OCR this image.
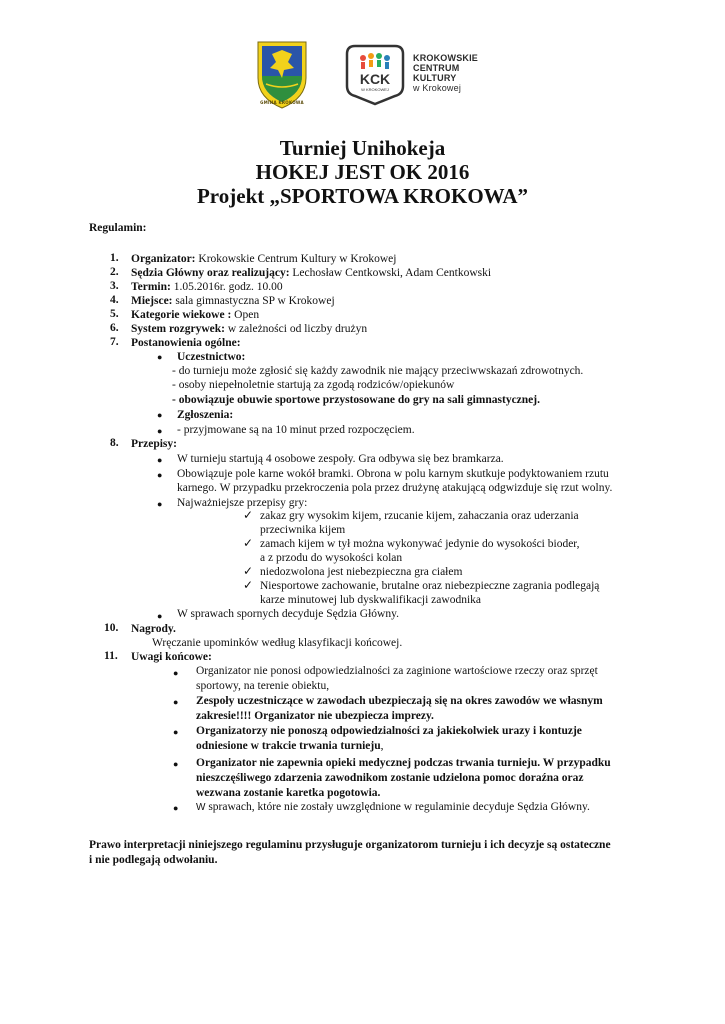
GMINA KROKOWA
KCK
W KROKOWEJ
KROKOWSKIE
CENTRUM
KULTURY
w Krokowej
Turniej Unihokeja
HOKEJ JEST OK 2016
Projekt „SPORTOWA KROKOWA”
Regulamin:
1. Organizator: Krokowskie Centrum Kultury w Krokowej
2. Sędzia Główny oraz realizujący: Lechosław Centkowski, Adam Centkowski
3. Termin: 1.05.2016r. godz. 10.00
4. Miejsce: sala gimnastyczna SP w Krokowej
5. Kategorie wiekowe : Open
6. System rozgrywek: w zależności od liczby drużyn
7. Postanowienia ogólne:
● Uczestnictwo:
- do turnieju może zgłosić się każdy zawodnik nie mający przeciwwskazań zdrowotnych.
- osoby niepełnoletnie startują za zgodą rodziców/opiekunów
- obowiązuje obuwie sportowe przystosowane do gry na sali gimnastycznej.
● Zgłoszenia:
● - przyjmowane są na 10 minut przed rozpoczęciem.
8. Przepisy:
● W turnieju startują 4 osobowe zespoły. Gra odbywa się bez bramkarza.
● Obowiązuje pole karne wokół bramki. Obrona w polu karnym skutkuje podyktowaniem rzutu
karnego. W przypadku przekroczenia pola przez drużynę atakującą odgwizduje się rzut wolny.
● Najważniejsze przepisy gry:
✓ zakaz gry wysokim kijem, rzucanie kijem, zahaczania oraz uderzania
przeciwnika kijem
✓ zamach kijem w tył można wykonywać jedynie do wysokości bioder,
a z przodu do wysokości kolan
✓ niedozwolona jest niebezpieczna gra ciałem
✓ Niesportowe zachowanie, brutalne oraz niebezpieczne zagrania podlegają
karze minutowej lub dyskwalifikacji zawodnika
● W sprawach spornych decyduje Sędzia Główny.
10. Nagrody.
Wręczanie upominków według klasyfikacji końcowej.
11. Uwagi końcowe:
● Organizator nie ponosi odpowiedzialności za zaginione wartościowe rzeczy oraz sprzęt
sportowy, na terenie obiektu,
● Zespoły uczestniczące w zawodach ubezpieczają się na okres zawodów we własnym
zakresie!!!! Organizator nie ubezpiecza imprezy.
● Organizatorzy nie ponoszą odpowiedzialności za jakiekolwiek urazy i kontuzje
odniesione w trakcie trwania turnieju,
● Organizator nie zapewnia opieki medycznej podczas trwania turnieju. W przypadku
nieszczęśliwego zdarzenia zawodnikom zostanie udzielona pomoc doraźna oraz
wezwana zostanie karetka pogotowia.
● W sprawach, które nie zostały uwzględnione w regulaminie decyduje Sędzia Główny.
Prawo interpretacji niniejszego regulaminu przysługuje organizatorom turnieju i ich decyzje są ostateczne
i nie podlegają odwołaniu.
